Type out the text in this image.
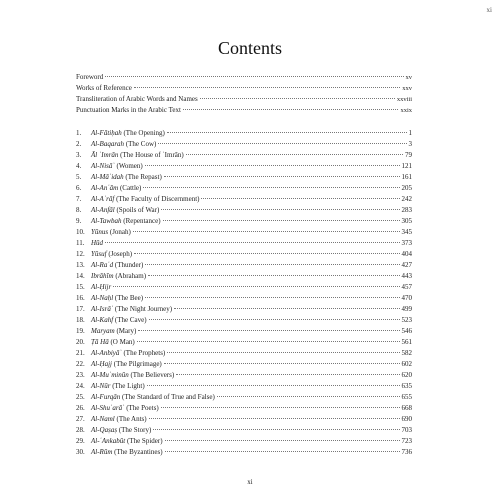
xi
Contents
Foreword	xv
Works of Reference	xxv
Transliteration of Arabic Words and Names	xxviii
Punctuation Marks in the Arabic Text	xxix
1.	Al-Fātiḥah (The Opening)	1
2.	Al-Baqarah (The Cow)	3
3.	Āl ʿImrān (The House of ʿImrān)	79
4.	Al-Nisāʾ (Women)	121
5.	Al-Māʾidah (The Repast)	161
6.	Al-Anʿām (Cattle)	205
7.	Al-Aʿrāf (The Faculty of Discernment)	242
8.	Al-Anfāl (Spoils of War)	283
9.	Al-Tawbah (Repentance)	305
10. Yūnus (Jonah)	345
11. Hūd	373
12. Yūsuf (Joseph)	404
13. Al-Raʿd (Thunder)	427
14. Ibrāhīm (Abraham)	443
15. Al-Ḥijr	457
16. Al-Naḥl (The Bee)	470
17. Al-Isrāʾ (The Night Journey)	499
18. Al-Kahf (The Cave)	523
19. Maryam (Mary)	546
20. Ṭā Hā (O Man)	561
21. Al-Anbiyāʾ (The Prophets)	582
22. Al-Ḥajj (The Pilgrimage)	602
23. Al-Muʾminūn (The Believers)	620
24. Al-Nūr (The Light)	635
25. Al-Furqān (The Standard of True and False)	655
26. Al-Shuʿarāʾ (The Poets)	668
27. Al-Naml (The Ants)	690
28. Al-Qaṣaṣ (The Story)	703
29. Al-ʿAnkabūt (The Spider)	723
30. Al-Rūm (The Byzantines)	736
xi
